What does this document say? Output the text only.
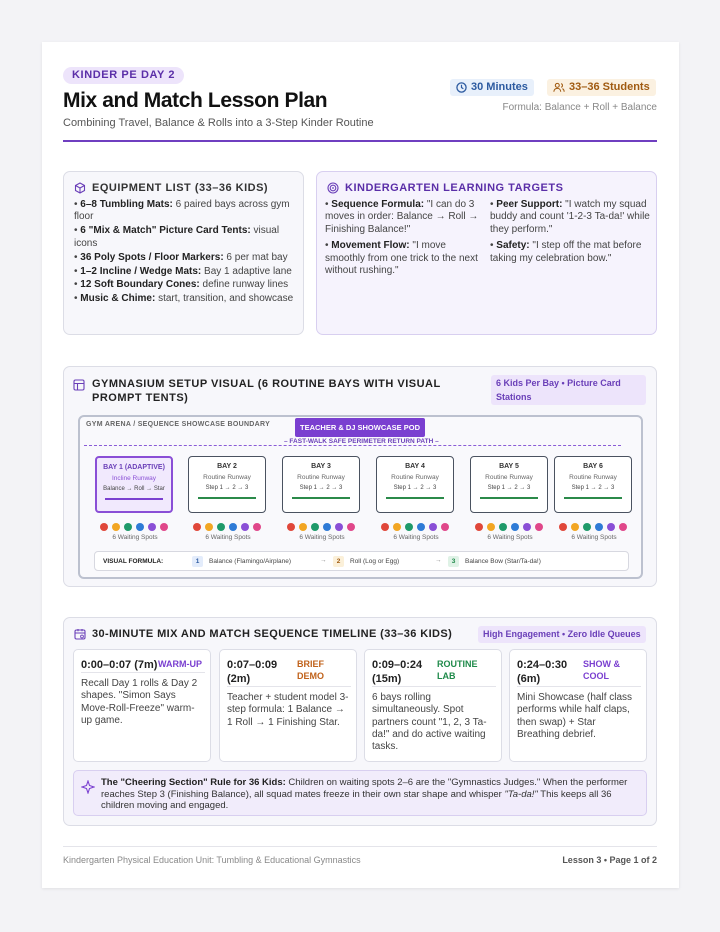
KINDER PE DAY 2
Mix and Match Lesson Plan
Combining Travel, Balance & Rolls into a 3-Step Kinder Routine
30 Minutes	33–36 Students
Formula: Balance + Roll + Balance
EQUIPMENT LIST (33–36 KIDS)
• 6–8 Tumbling Mats: 6 paired bays across gym floor
• 6 "Mix & Match" Picture Card Tents: visual icons
• 36 Poly Spots / Floor Markers: 6 per mat bay
• 1–2 Incline / Wedge Mats: Bay 1 adaptive lane
• 12 Soft Boundary Cones: define runway lines
• Music & Chime: start, transition, and showcase
KINDERGARTEN LEARNING TARGETS
• Sequence Formula: "I can do 3 moves in order: Balance → Roll → Finishing Balance!"
• Movement Flow: "I move smoothly from one trick to the next without rushing."
• Peer Support: "I watch my squad buddy and count '1-2-3 Ta-da!' while they perform."
• Safety: "I step off the mat before taking my celebration bow."
GYMNASIUM SETUP VISUAL (6 ROUTINE BAYS WITH VISUAL PROMPT TENTS)
6 Kids Per Bay • Picture Card Stations
GYM ARENA / SEQUENCE SHOWCASE BOUNDARY
– FAST-WALK SAFE PERIMETER RETURN PATH –
TEACHER & DJ SHOWCASE POD
BAY 1 (ADAPTIVE)
Incline Runway
Balance → Roll → Star
6 Waiting Spots
BAY 2
Routine Runway
Step 1 → 2 → 3
6 Waiting Spots
BAY 3
Routine Runway
Step 1 → 2 → 3
6 Waiting Spots
BAY 4
Routine Runway
Step 1 → 2 → 3
6 Waiting Spots
BAY 5
Routine Runway
Step 1 → 2 → 3
6 Waiting Spots
BAY 6
Routine Runway
Step 1 → 2 → 3
6 Waiting Spots
VISUAL FORMULA:	1	Balance (Flamingo/Airplane)	→	2	Roll (Log or Egg)	→	3	Balance Bow (Star/Ta-da!)
30-MINUTE MIX AND MATCH SEQUENCE TIMELINE (33–36 KIDS)	High Engagement • Zero Idle Queues
0:00–0:07 (7m) WARM-UP
Recall Day 1 rolls & Day 2 shapes. "Simon Says Move-Roll-Freeze" warm-up game.
0:07–0:09 (2m)
BRIEF DEMO
Teacher + student model 3-step formula: 1 Balance → 1 Roll → 1 Finishing Star.
0:09–0:24 (15m)
ROUTINE LAB
6 bays rolling simultaneously. Spot partners count "1, 2, 3 Ta-da!" and do active waiting tasks.
0:24–0:30 (6m)
SHOW & COOL
Mini Showcase (half class performs while half claps, then swap) + Star Breathing debrief.
The "Cheering Section" Rule for 36 Kids: Children on waiting spots 2–6 are the "Gymnastics Judges." When the performer reaches Step 3 (Finishing Balance), all squad mates freeze in their own star shape and whisper "Ta-da!" This keeps all 36 children moving and engaged.
Kindergarten Physical Education Unit: Tumbling & Educational Gymnastics	Lesson 3 • Page 1 of 2
